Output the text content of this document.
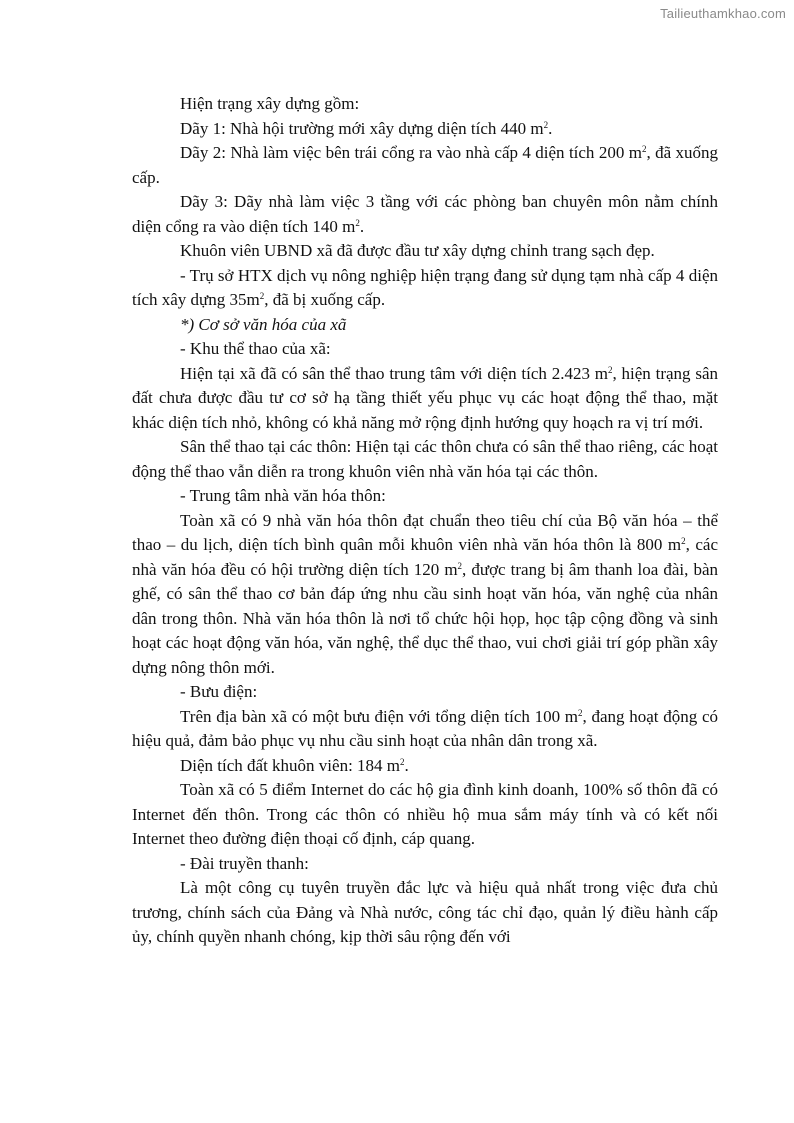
Tailieuthamkhao.com

Hiện trạng xây dựng gồm:

Dãy 1: Nhà hội trường mới xây dựng diện tích 440 $m^2$.

Dãy 2: Nhà làm việc bên trái cổng ra vào nhà cấp 4 diện tích 200 $m^2$, đã xuống cấp.

Dãy 3: Dãy nhà làm việc 3 tầng với các phòng ban chuyên môn nằm chính diện cổng ra vào diện tích 140 $m^2$.

Khuôn viên UBND xã đã được đầu tư xây dựng chỉnh trang sạch đẹp.

- Trụ sở HTX dịch vụ nông nghiệp hiện trạng đang sử dụng tạm nhà cấp 4 diện tích xây dựng $35m^2$, đã bị xuống cấp.

*) Cơ sở văn hóa của xã

- Khu thể thao của xã:

Hiện tại xã đã có sân thể thao trung tâm với diện tích 2.423 $m^2$, hiện trạng sân đất chưa được đầu tư cơ sở hạ tầng thiết yếu phục vụ các hoạt động thể thao, mặt khác diện tích nhỏ, không có khả năng mở rộng định hướng quy hoạch ra vị trí mới.

Sân thể thao tại các thôn: Hiện tại các thôn chưa có sân thể thao riêng, các hoạt động thể thao vẫn diễn ra trong khuôn viên nhà văn hóa tại các thôn.

- Trung tâm nhà văn hóa thôn:

Toàn xã có 9 nhà văn hóa thôn đạt chuẩn theo tiêu chí của Bộ văn hóa – thể thao – du lịch, diện tích bình quân mỗi khuôn viên nhà văn hóa thôn là 800 $m^2$, các nhà văn hóa đều có hội trường diện tích 120 $m^2$, được trang bị âm thanh loa đài, bàn ghế, có sân thể thao cơ bản đáp ứng nhu cầu sinh hoạt văn hóa, văn nghệ của nhân dân trong thôn. Nhà văn hóa thôn là nơi tổ chức hội họp, học tập cộng đồng và sinh hoạt các hoạt động văn hóa, văn nghệ, thể dục thể thao, vui chơi giải trí góp phần xây dựng nông thôn mới.

- Bưu điện:

Trên địa bàn xã có một bưu điện với tổng diện tích 100 $m^2$, đang hoạt động có hiệu quả, đảm bảo phục vụ nhu cầu sinh hoạt của nhân dân trong xã.

Diện tích đất khuôn viên: 184 $m^2$.

Toàn xã có 5 điểm Internet do các hộ gia đình kinh doanh, 100% số thôn đã có Internet đến thôn. Trong các thôn có nhiều hộ mua sắm máy tính và có kết nối Internet theo đường điện thoại cố định, cáp quang.

- Đài truyền thanh:

Là một công cụ tuyên truyền đắc lực và hiệu quả nhất trong việc đưa chủ trương, chính sách của Đảng và Nhà nước, công tác chỉ đạo, quản lý điều hành cấp ủy, chính quyền nhanh chóng, kịp thời sâu rộng đến với
